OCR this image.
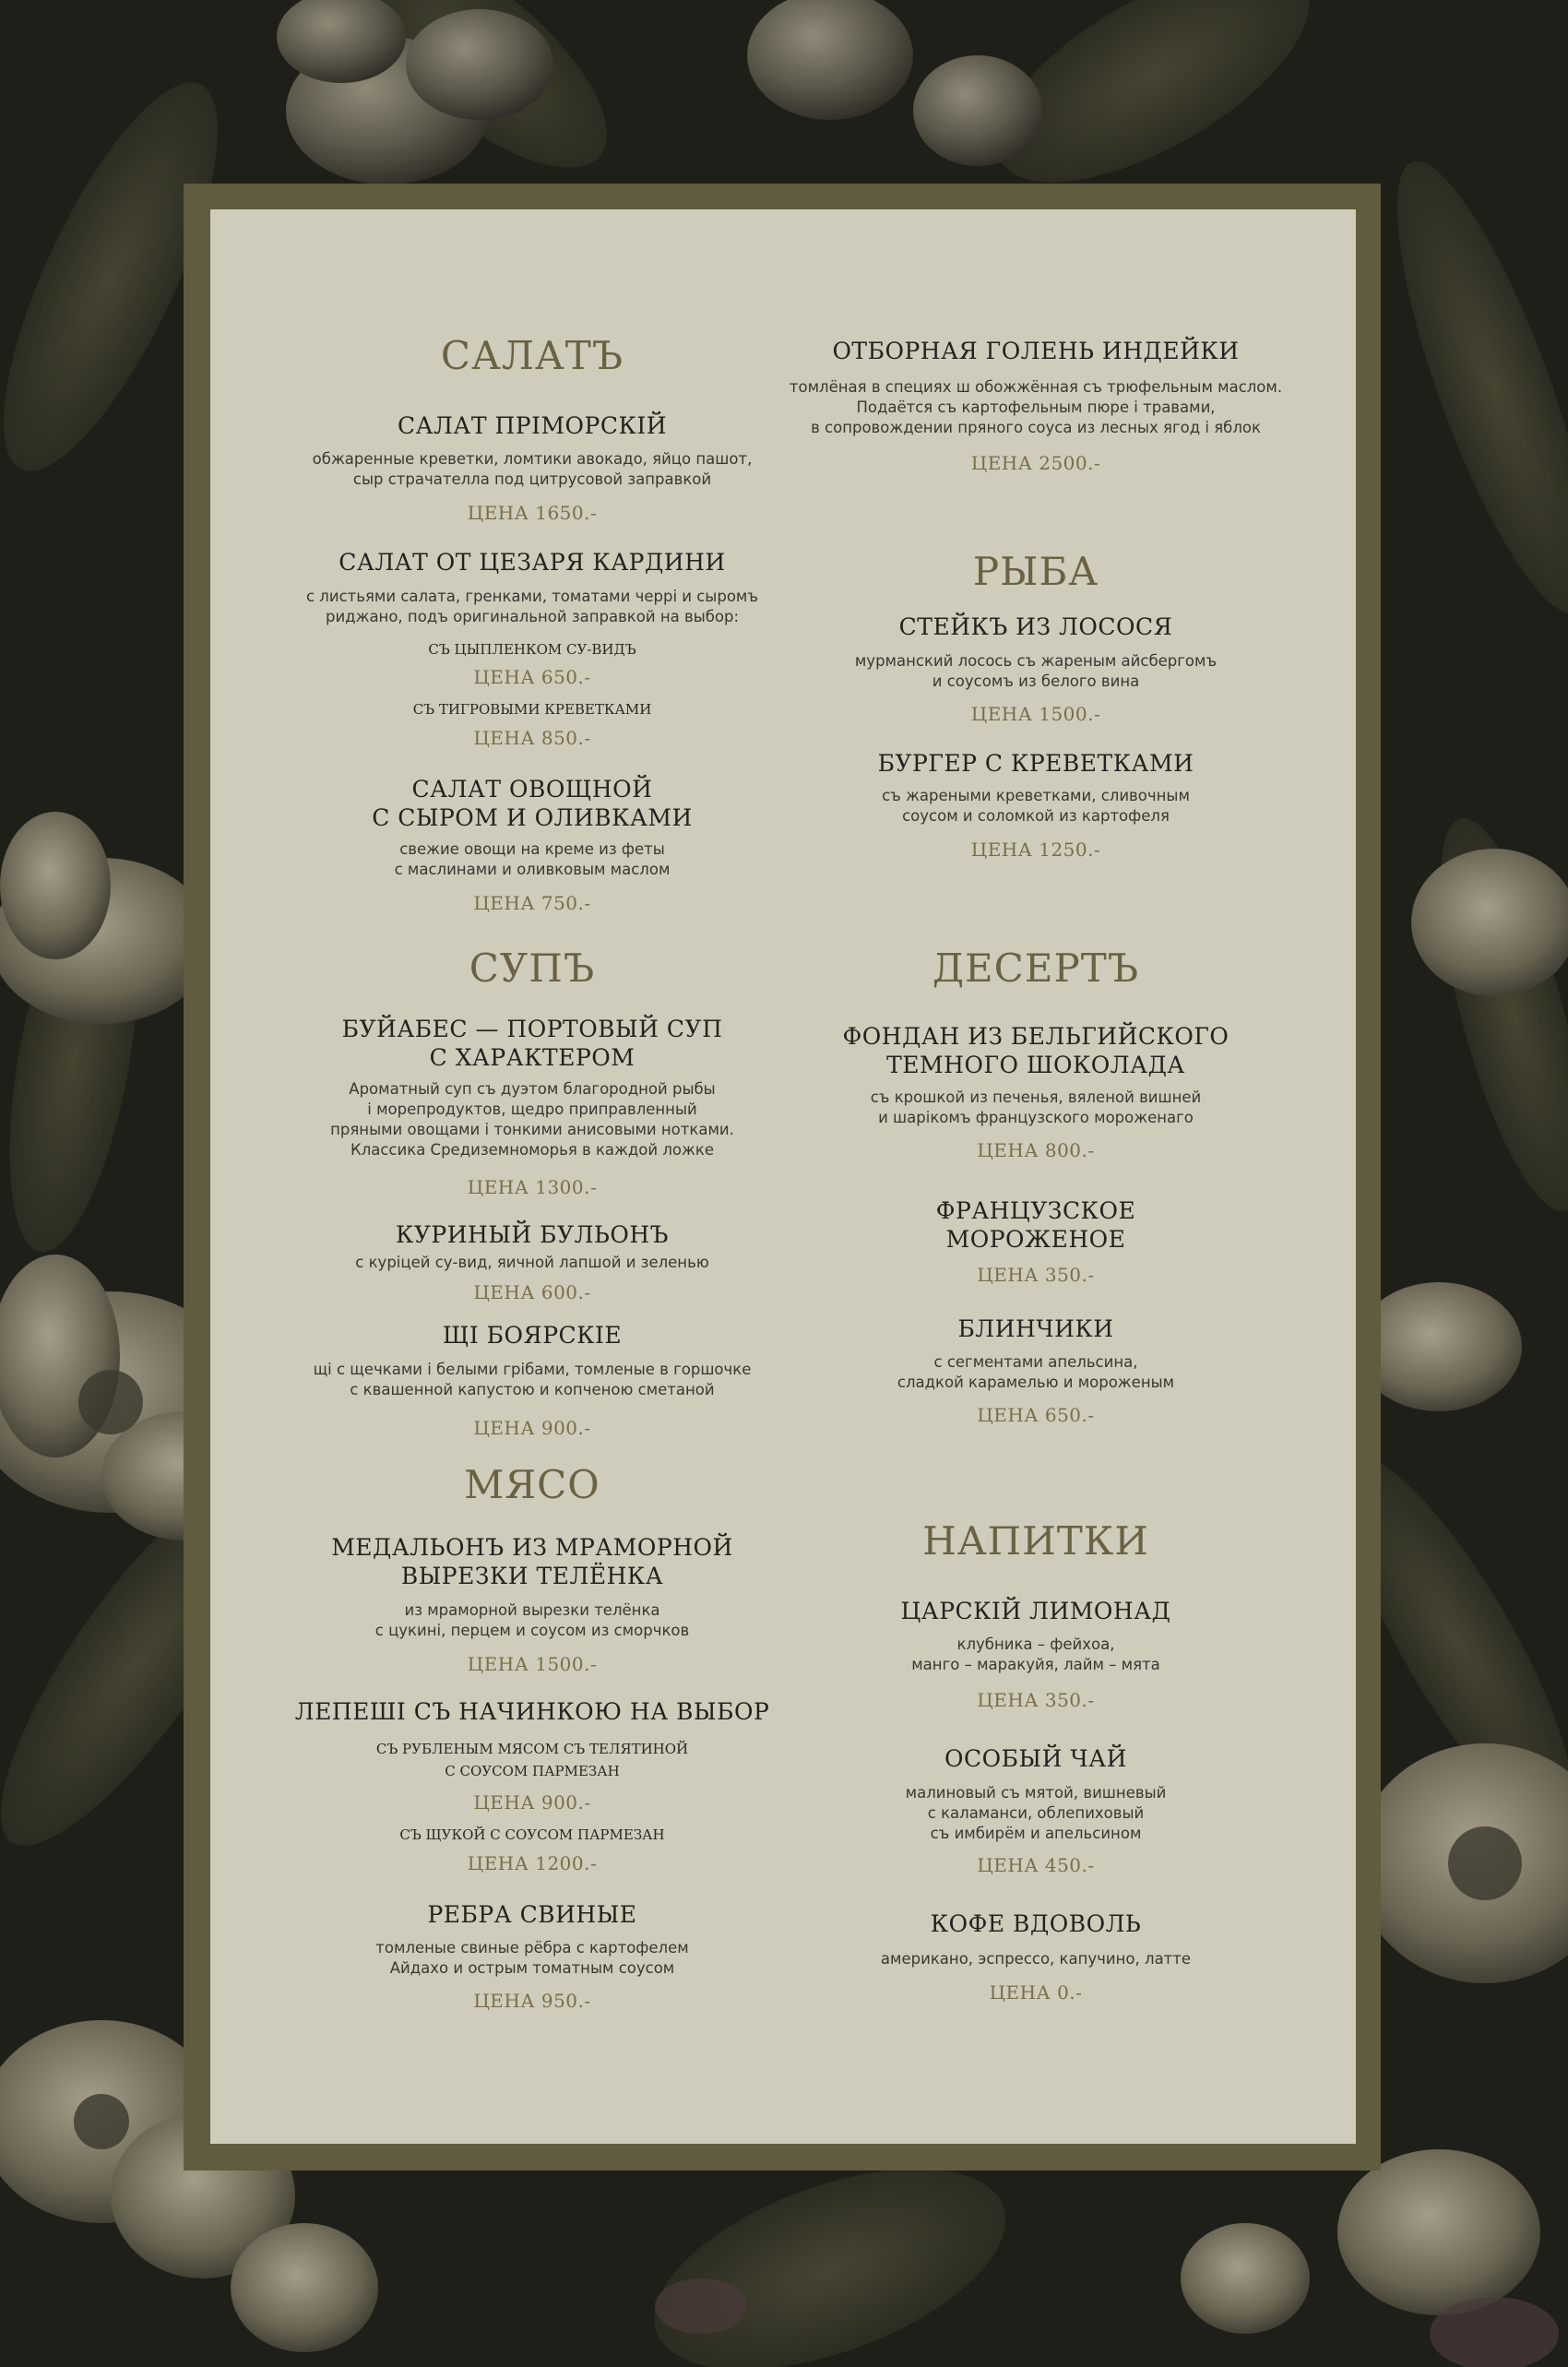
САЛАТЪ
САЛАТ ПРІМОРСКІЙ
обжаренные креветки, ломтики авокадо, яйцо пашот,
сыр страчателла под цитрусовой заправкой
ЦЕНА 1650.-
САЛАТ ОТ ЦЕЗАРЯ КАРДИНИ
с листьями салата, гренками, томатами черрі и сыромъ
риджано, подъ оригинальной заправкой на выбор:
СЪ ЦЫПЛЕНКОМ СУ-ВИДЪ
ЦЕНА 650.-
СЪ ТИГРОВЫМИ КРЕВЕТКАМИ
ЦЕНА 850.-
САЛАТ ОВОЩНОЙ
С СЫРОМ И ОЛИВКАМИ
свежие овощи на креме из феты
с маслинами и оливковым маслом
ЦЕНА 750.-
СУПЪ
БУЙАБЕС — ПОРТОВЫЙ СУП
С ХАРАКТЕРОМ
Ароматный суп съ дуэтом благородной рыбы
і морепродуктов, щедро приправленный
пряными овощами і тонкими анисовыми нотками.
Классика Средиземноморья в каждой ложке
ЦЕНА 1300.-
КУРИНЫЙ БУЛЬОНЪ
с куріцей су-вид, яичной лапшой и зеленью
ЦЕНА 600.-
ЩІ БОЯРСКІЕ
щі с щечками і белыми грібами, томленые в горшочке
с квашенной капустою и копченою сметаной
ЦЕНА 900.-
МЯСО
МЕДАЛЬОНЪ ИЗ МРАМОРНОЙ
ВЫРЕЗКИ ТЕЛЁНКА
из мраморной вырезки телёнка
с цукині, перцем и соусом из сморчков
ЦЕНА 1500.-
ЛЕПЕШІ СЪ НАЧИНКОЮ НА ВЫБОР
СЪ РУБЛЕНЫМ МЯСОМ СЪ ТЕЛЯТИНОЙ
С СОУСОМ ПАРМЕЗАН
ЦЕНА 900.-
СЪ ЩУКОЙ С СОУСОМ ПАРМЕЗАН
ЦЕНА 1200.-
РЕБРА СВИНЫЕ
томленые свиные рёбра с картофелем
Айдахо и острым томатным соусом
ЦЕНА 950.-
ОТБОРНАЯ ГОЛЕНЬ ИНДЕЙКИ
томлёная в специях ш обожжённая съ трюфельным маслом.
Подаётся съ картофельным пюре і травами,
в сопровождении пряного соуса из лесных ягод і яблок
ЦЕНА 2500.-
РЫБА
СТЕЙКЪ ИЗ ЛОСОСЯ
мурманский лосось съ жареным айсбергомъ
и соусомъ из белого вина
ЦЕНА 1500.-
БУРГЕР С КРЕВЕТКАМИ
съ жареными креветками, сливочным
соусом и соломкой из картофеля
ЦЕНА 1250.-
ДЕСЕРТЪ
ФОНДАН ИЗ БЕЛЬГИЙСКОГО
ТЕМНОГО ШОКОЛАДА
съ крошкой из печенья, вяленой вишней
и шарікомъ французского мороженаго
ЦЕНА 800.-
ФРАНЦУЗСКОЕ
МОРОЖЕНОЕ
ЦЕНА 350.-
БЛИНЧИКИ
с сегментами апельсина,
сладкой карамелью и мороженым
ЦЕНА 650.-
НАПИТКИ
ЦАРСКІЙ ЛИМОНАД
клубника – фейхоа,
манго – маракуйя, лайм – мята
ЦЕНА 350.-
ОСОБЫЙ ЧАЙ
малиновый съ мятой, вишневый
с каламанси, облепиховый
съ имбирём и апельсином
ЦЕНА 450.-
КОФЕ ВДОВОЛЬ
американо, эспрессо, капучино, латте
ЦЕНА 0.-
